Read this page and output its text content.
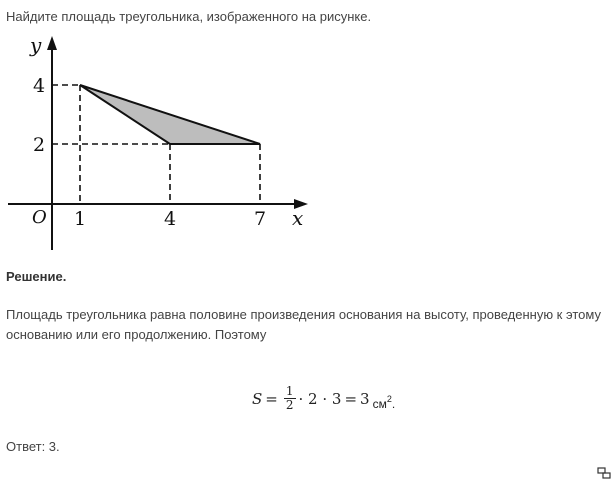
Найдите площадь треугольника, изображенного на рисунке.
y
x
O
4
2
1	4	7
Решение.
Площадь треугольника равна половине произведения основания на высоту, проведенную к этому основанию или его продолжению. Поэтому
$S = \frac{1}{2} \cdot 2 \cdot 3 = 3$ $см^2$.
Ответ: 3.
